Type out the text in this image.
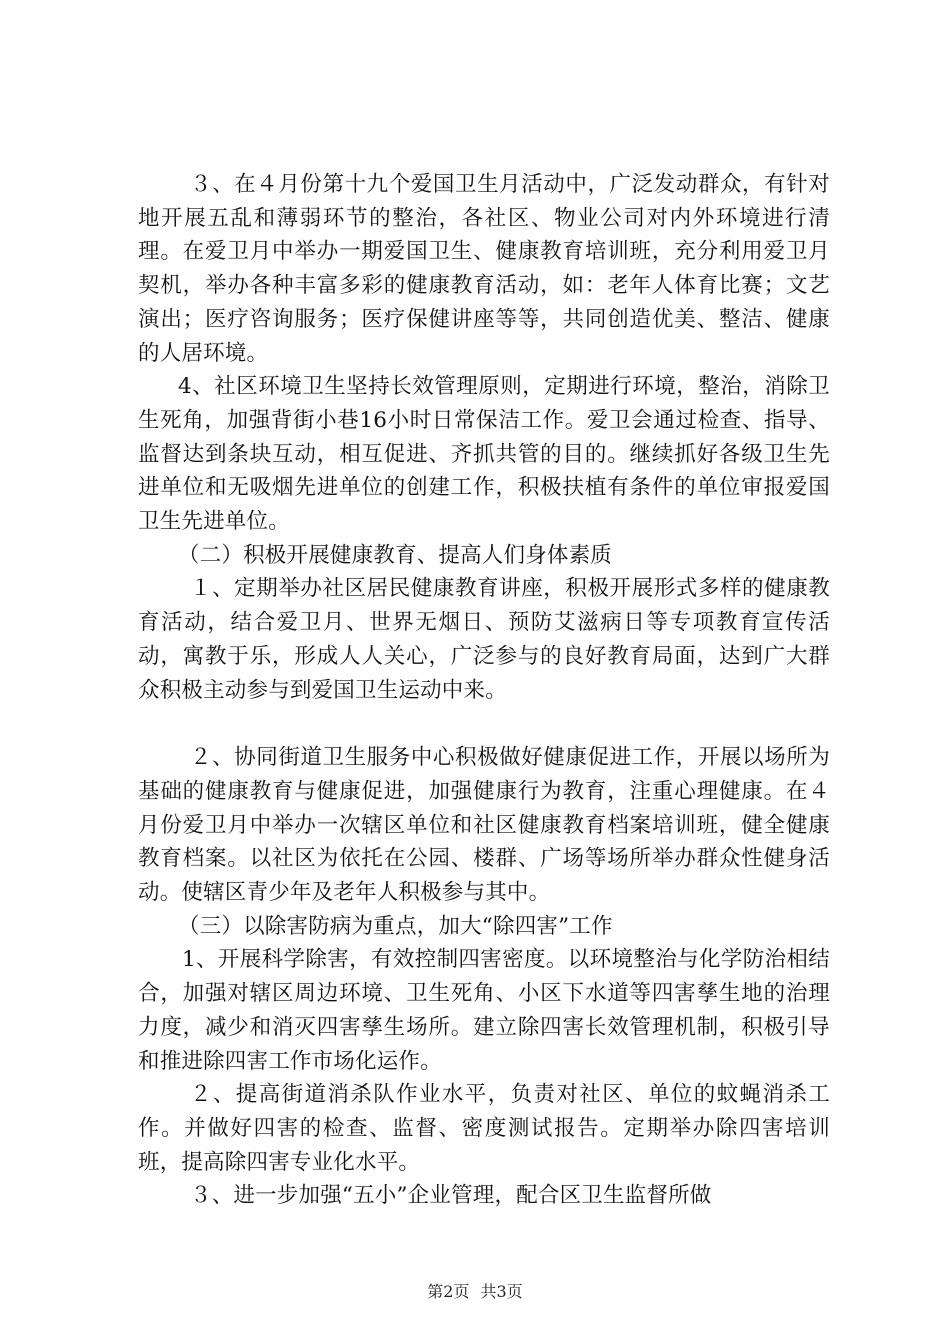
３、在４月份第十九个爱国卫生月活动中，广泛发动群众，有针对地开展五乱和薄弱环节的整治，各社区、物业公司对内外环境进行清理。在爱卫月中举办一期爱国卫生、健康教育培训班，充分利用爱卫月契机，举办各种丰富多彩的健康教育活动，如：老年人体育比赛；文艺演出；医疗咨询服务；医疗保健讲座等等，共同创造优美、整洁、健康的人居环境。

4、社区环境卫生坚持长效管理原则，定期进行环境，整治，消除卫生死角，加强背街小巷16小时日常保洁工作。爱卫会通过检查、指导、监督达到条块互动，相互促进、齐抓共管的目的。继续抓好各级卫生先进单位和无吸烟先进单位的创建工作，积极扶植有条件的单位审报爱国卫生先进单位。

（二）积极开展健康教育、提高人们身体素质

１、定期举办社区居民健康教育讲座，积极开展形式多样的健康教育活动，结合爱卫月、世界无烟日、预防艾滋病日等专项教育宣传活动，寓教于乐，形成人人关心，广泛参与的良好教育局面，达到广大群众积极主动参与到爱国卫生运动中来。

２、协同街道卫生服务中心积极做好健康促进工作，开展以场所为基础的健康教育与健康促进，加强健康行为教育，注重心理健康。在４月份爱卫月中举办一次辖区单位和社区健康教育档案培训班，健全健康教育档案。以社区为依托在公园、楼群、广场等场所举办群众性健身活动。使辖区青少年及老年人积极参与其中。

（三）以除害防病为重点，加大“除四害”工作

1、开展科学除害，有效控制四害密度。以环境整治与化学防治相结合，加强对辖区周边环境、卫生死角、小区下水道等四害孳生地的治理力度，减少和消灭四害孳生场所。建立除四害长效管理机制，积极引导和推进除四害工作市场化运作。

２、提高街道消杀队作业水平，负责对社区、单位的蚊蝇消杀工作。并做好四害的检查、监督、密度测试报告。定期举办除四害培训班，提高除四害专业化水平。

３、进一步加强“五小”企业管理，配合区卫生监督所做

第2页 共3页
